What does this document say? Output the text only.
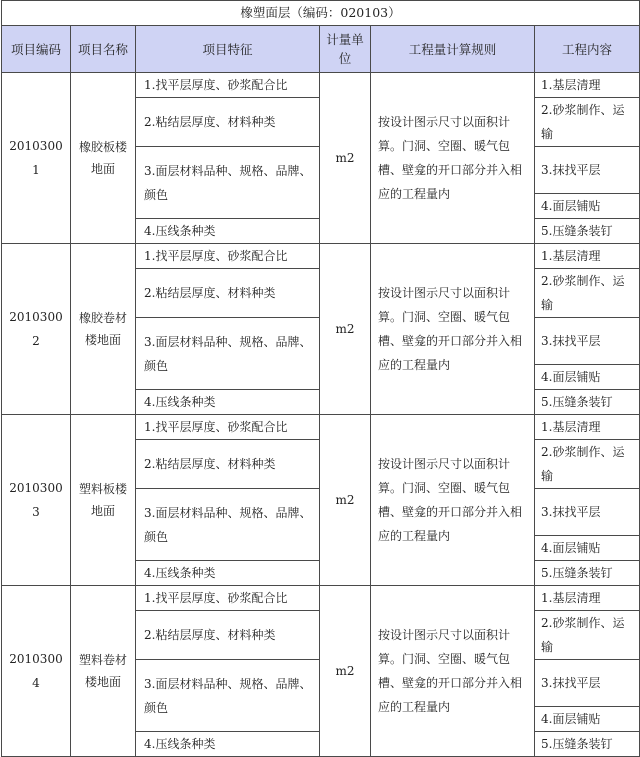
橡塑面层（编码：020103）					
项目编码	项目名称	项目特征	计量单位	工程量计算规则	工程内容
20103001	橡胶板楼地面	1.找平层厚度、砂浆配合比	m2	按设计图示尺寸以面积计算。门洞、空圈、暖气包槽、壁龛的开口部分并入相应的工程量内	1.基层清理
		2.粘结层厚度、材料种类			2.砂浆制作、运输
		3.面层材料品种、规格、品牌、颜色			3.抹找平层
					4.面层铺贴
		4.压线条种类			5.压缝条装钉
20103002	橡胶卷材楼地面	1.找平层厚度、砂浆配合比	m2	按设计图示尺寸以面积计算。门洞、空圈、暖气包槽、壁龛的开口部分并入相应的工程量内	1.基层清理
		2.粘结层厚度、材料种类			2.砂浆制作、运输
		3.面层材料品种、规格、品牌、颜色			3.抹找平层
					4.面层铺贴
		4.压线条种类			5.压缝条装钉
20103003	塑料板楼地面	1.找平层厚度、砂浆配合比	m2	按设计图示尺寸以面积计算。门洞、空圈、暖气包槽、壁龛的开口部分并入相应的工程量内	1.基层清理
		2.粘结层厚度、材料种类			2.砂浆制作、运输
		3.面层材料品种、规格、品牌、颜色			3.抹找平层
					4.面层铺贴
		4.压线条种类			5.压缝条装钉
20103004	塑料卷材楼地面	1.找平层厚度、砂浆配合比	m2	按设计图示尺寸以面积计算。门洞、空圈、暖气包槽、壁龛的开口部分并入相应的工程量内	1.基层清理
		2.粘结层厚度、材料种类			2.砂浆制作、运输
		3.面层材料品种、规格、品牌、颜色			3.抹找平层
					4.面层铺贴
		4.压线条种类			5.压缝条装钉
